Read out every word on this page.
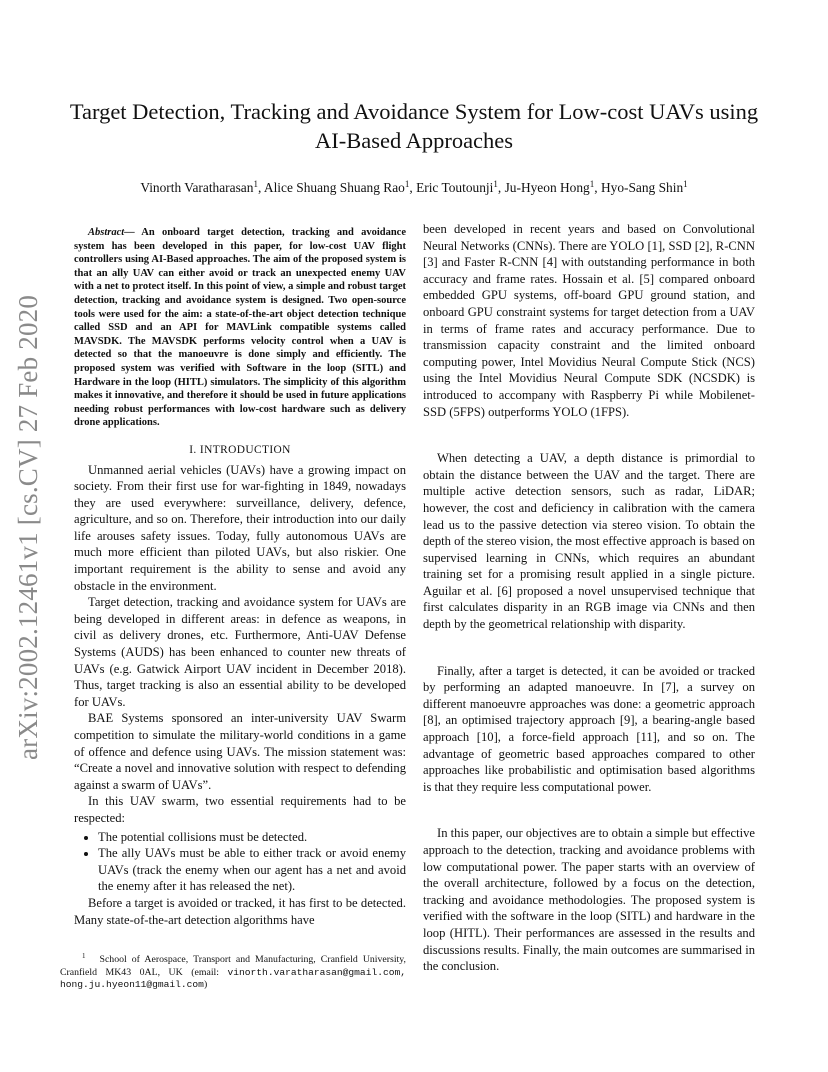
arXiv:2002.12461v1 [cs.CV] 27 Feb 2020
Target Detection, Tracking and Avoidance System for Low-cost UAVs using AI-Based Approaches
Vinorth Varatharasan$^1$, Alice Shuang Shuang Rao$^1$, Eric Toutounji$^1$, Ju-Hyeon Hong$^1$, Hyo-Sang Shin$^1$

Abstract— An onboard target detection, tracking and avoidance system has been developed in this paper, for low-cost UAV flight controllers using AI-Based approaches. The aim of the proposed system is that an ally UAV can either avoid or track an unexpected enemy UAV with a net to protect itself. In this point of view, a simple and robust target detection, tracking and avoidance system is designed. Two open-source tools were used for the aim: a state-of-the-art object detection technique called SSD and an API for MAVLink compatible systems called MAVSDK. The MAVSDK performs velocity control when a UAV is detected so that the manoeuvre is done simply and efficiently. The proposed system was verified with Software in the loop (SITL) and Hardware in the loop (HITL) simulators. The simplicity of this algorithm makes it innovative, and therefore it should be used in future applications needing robust performances with low-cost hardware such as delivery drone applications.

I. INTRODUCTION

Unmanned aerial vehicles (UAVs) have a growing impact on society. From their first use for war-fighting in 1849, nowadays they are used everywhere: surveillance, delivery, defence, agriculture, and so on. Therefore, their introduction into our daily life arouses safety issues. Today, fully autonomous UAVs are much more efficient than piloted UAVs, but also riskier. One important requirement is the ability to sense and avoid any obstacle in the environment.

Target detection, tracking and avoidance system for UAVs are being developed in different areas: in defence as weapons, in civil as delivery drones, etc. Furthermore, Anti-UAV Defense Systems (AUDS) has been enhanced to counter new threats of UAVs (e.g. Gatwick Airport UAV incident in December 2018). Thus, target tracking is also an essential ability to be developed for UAVs.

BAE Systems sponsored an inter-university UAV Swarm competition to simulate the military-world conditions in a game of offence and defence using UAVs. The mission statement was: “Create a novel and innovative solution with respect to defending against a swarm of UAVs”.

In this UAV swarm, two essential requirements had to be respected:

• The potential collisions must be detected.
• The ally UAVs must be able to either track or avoid enemy UAVs (track the enemy when our agent has a net and avoid the enemy after it has released the net).

Before a target is avoided or tracked, it has first to be detected. Many state-of-the-art detection algorithms have

$^1$ School of Aerospace, Transport and Manufacturing, Cranfield University, Cranfield MK43 0AL, UK (email: vinorth.varatharasan@gmail.com, hong.ju.hyeon11@gmail.com)

been developed in recent years and based on Convolutional Neural Networks (CNNs). There are YOLO [1], SSD [2], R-CNN [3] and Faster R-CNN [4] with outstanding performance in both accuracy and frame rates. Hossain et al. [5] compared onboard embedded GPU systems, off-board GPU ground station, and onboard GPU constraint systems for target detection from a UAV in terms of frame rates and accuracy performance. Due to transmission capacity constraint and the limited onboard computing power, Intel Movidius Neural Compute Stick (NCS) using the Intel Movidius Neural Compute SDK (NCSDK) is introduced to accompany with Raspberry Pi while Mobilenet-SSD (5FPS) outperforms YOLO (1FPS).

When detecting a UAV, a depth distance is primordial to obtain the distance between the UAV and the target. There are multiple active detection sensors, such as radar, LiDAR; however, the cost and deficiency in calibration with the camera lead us to the passive detection via stereo vision. To obtain the depth of the stereo vision, the most effective approach is based on supervised learning in CNNs, which requires an abundant training set for a promising result applied in a single picture. Aguilar et al. [6] proposed a novel unsupervised technique that first calculates disparity in an RGB image via CNNs and then depth by the geometrical relationship with disparity.

Finally, after a target is detected, it can be avoided or tracked by performing an adapted manoeuvre. In [7], a survey on different manoeuvre approaches was done: a geometric approach [8], an optimised trajectory approach [9], a bearing-angle based approach [10], a force-field approach [11], and so on. The advantage of geometric based approaches compared to other approaches like probabilistic and optimisation based algorithms is that they require less computational power.

In this paper, our objectives are to obtain a simple but effective approach to the detection, tracking and avoidance problems with low computational power. The paper starts with an overview of the overall architecture, followed by a focus on the detection, tracking and avoidance methodologies. The proposed system is verified with the software in the loop (SITL) and hardware in the loop (HITL). Their performances are assessed in the results and discussions results. Finally, the main outcomes are summarised in the conclusion.
